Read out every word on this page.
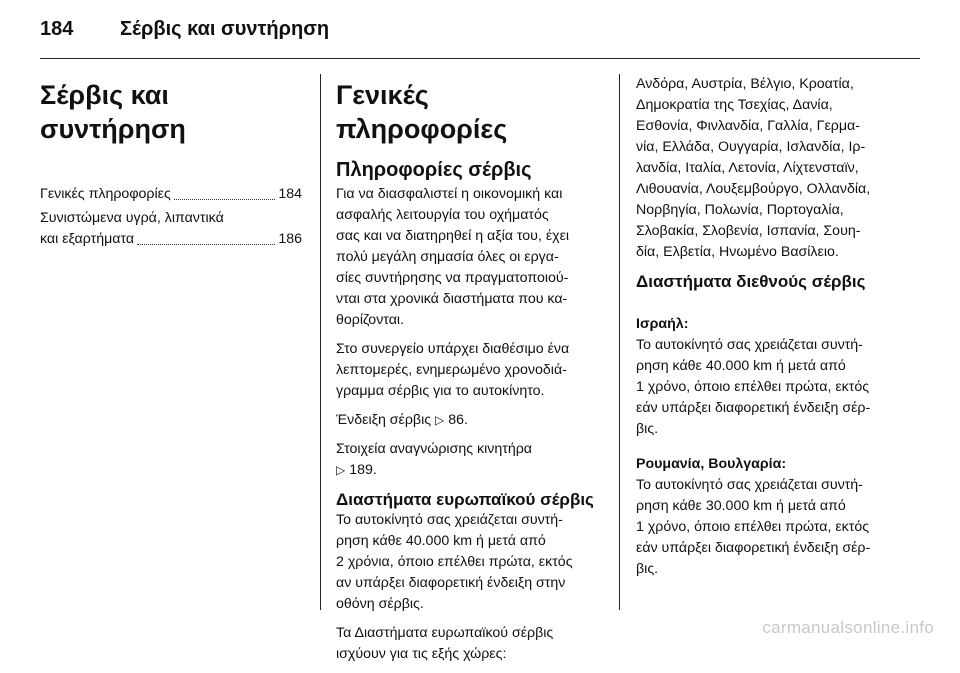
184 Σέρβις και συντήρηση
Σέρβις και συντήρηση
Γενικές πληροφορίες	184
Συνιστώμενα υγρά, λιπαντικά
και εξαρτήματα	186
Γενικές πληροφορίες
Πληροφορίες σέρβις

Για να διασφαλιστεί η οικονομική και
ασφαλής λειτουργία του οχήματός
σας και να διατηρηθεί η αξία του, έχει
πολύ μεγάλη σημασία όλες οι εργα-
σίες συντήρησης να πραγματοποιού-
νται στα χρονικά διαστήματα που κα-
θορίζονται.

Στο συνεργείο υπάρχει διαθέσιμο ένα
λεπτομερές, ενημερωμένο χρονοδιά-
γραμμα σέρβις για το αυτοκίνητο.

Ένδειξη σέρβις ▷ 86.

Στοιχεία αναγνώρισης κινητήρα
▷ 189.

Διαστήματα ευρωπαϊκού σέρβις

Το αυτοκίνητό σας χρειάζεται συντή-
ρηση κάθε 40.000 km ή μετά από
2 χρόνια, όποιο επέλθει πρώτα, εκτός
αν υπάρξει διαφορετική ένδειξη στην
οθόνη σέρβις.

Τα Διαστήματα ευρωπαϊκού σέρβις
ισχύουν για τις εξής χώρες:

Ανδόρα, Αυστρία, Βέλγιο, Κροατία,
Δημοκρατία της Τσεχίας, Δανία,
Εσθονία, Φινλανδία, Γαλλία, Γερμα-
νία, Ελλάδα, Ουγγαρία, Ισλανδία, Ιρ-
λανδία, Ιταλία, Λετονία, Λίχτενσταϊν,
Λιθουανία, Λουξεμβούργο, Ολλανδία,
Νορβηγία, Πολωνία, Πορτογαλία,
Σλοβακία, Σλοβενία, Ισπανία, Σουη-
δία, Ελβετία, Ηνωμένο Βασίλειο.

Διαστήματα διεθνούς σέρβις

Ισραήλ:
Το αυτοκίνητό σας χρειάζεται συντή-
ρηση κάθε 40.000 km ή μετά από
1 χρόνο, όποιο επέλθει πρώτα, εκτός
εάν υπάρξει διαφορετική ένδειξη σέρ-
βις.

Ρουμανία, Βουλγαρία:
Το αυτοκίνητό σας χρειάζεται συντή-
ρηση κάθε 30.000 km ή μετά από
1 χρόνο, όποιο επέλθει πρώτα, εκτός
εάν υπάρξει διαφορετική ένδειξη σέρ-
βις.

carmanualsonline.info
